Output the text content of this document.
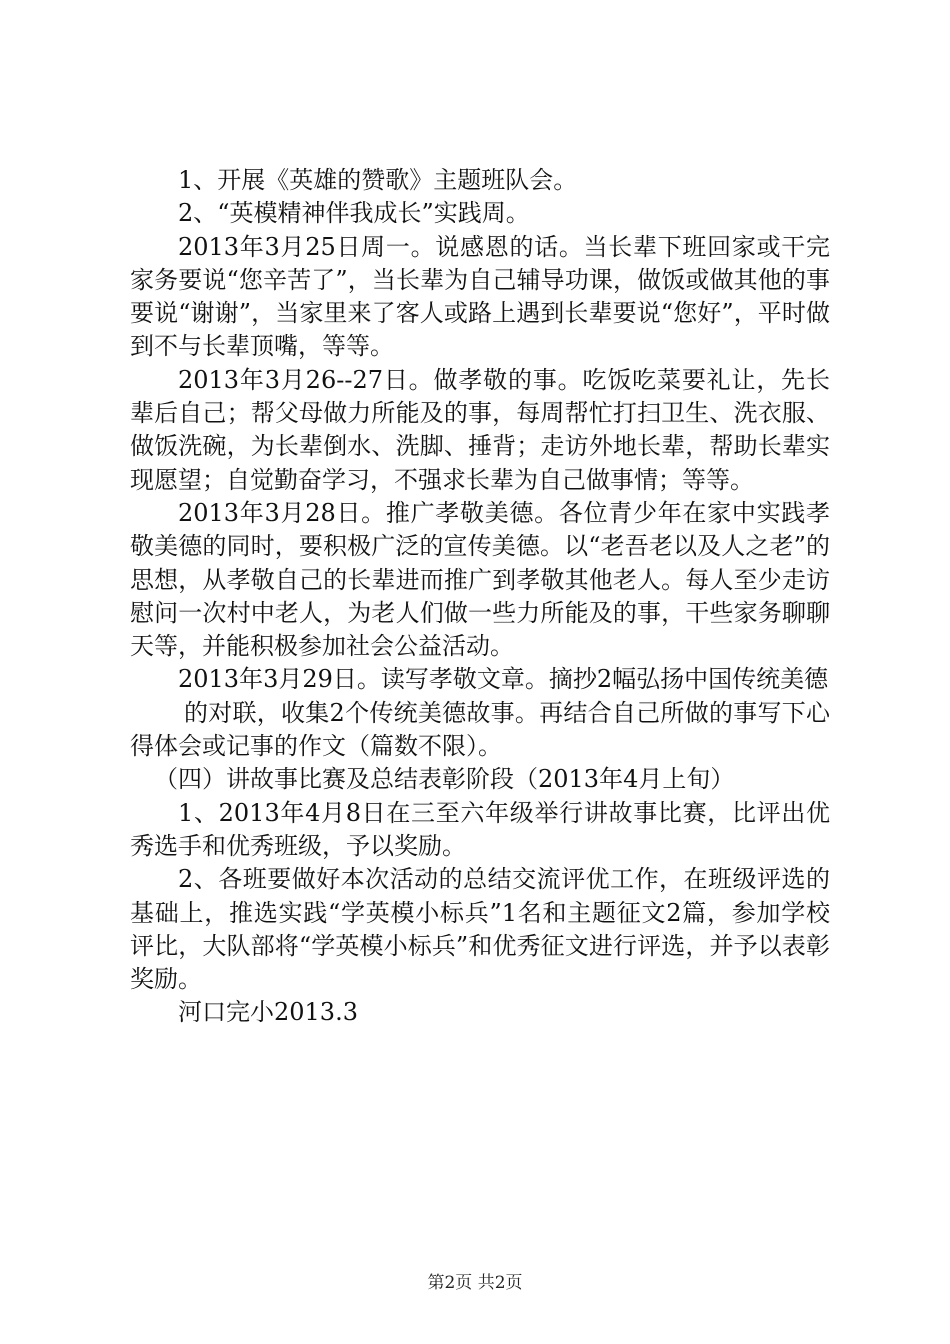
1、开展《英雄的赞歌》主题班队会。

2、“英模精神伴我成长”实践周。

2013年3月25日周一。说感恩的话。当长辈下班回家或干完家务要说“您辛苦了”，当长辈为自己辅导功课，做饭或做其他的事要说“谢谢”，当家里来了客人或路上遇到长辈要说“您好”，平时做到不与长辈顶嘴，等等。

2013年3月26--27日。做孝敬的事。吃饭吃菜要礼让，先长辈后自己；帮父母做力所能及的事，每周帮忙打扫卫生、洗衣服、做饭洗碗，为长辈倒水、洗脚、捶背；走访外地长辈，帮助长辈实现愿望；自觉勤奋学习，不强求长辈为自己做事情；等等。

2013年3月28日。推广孝敬美德。各位青少年在家中实践孝敬美德的同时，要积极广泛的宣传美德。以“老吾老以及人之老”的思想，从孝敬自己的长辈进而推广到孝敬其他老人。每人至少走访慰问一次村中老人，为老人们做一些力所能及的事，干些家务聊聊天等，并能积极参加社会公益活动。

2013年3月29日。读写孝敬文章。摘抄2幅弘扬中国传统美德

的对联，收集2个传统美德故事。再结合自己所做的事写下心得体会或记事的作文（篇数不限）。

（四）讲故事比赛及总结表彰阶段（2013年4月上旬）

1、2013年4月8日在三至六年级举行讲故事比赛，比评出优秀选手和优秀班级，予以奖励。

2、各班要做好本次活动的总结交流评优工作，在班级评选的基础上，推选实践“学英模小标兵”1名和主题征文2篇，参加学校评比，大队部将“学英模小标兵”和优秀征文进行评选，并予以表彰奖励。

河口完小2013.3

第2页 共2页
